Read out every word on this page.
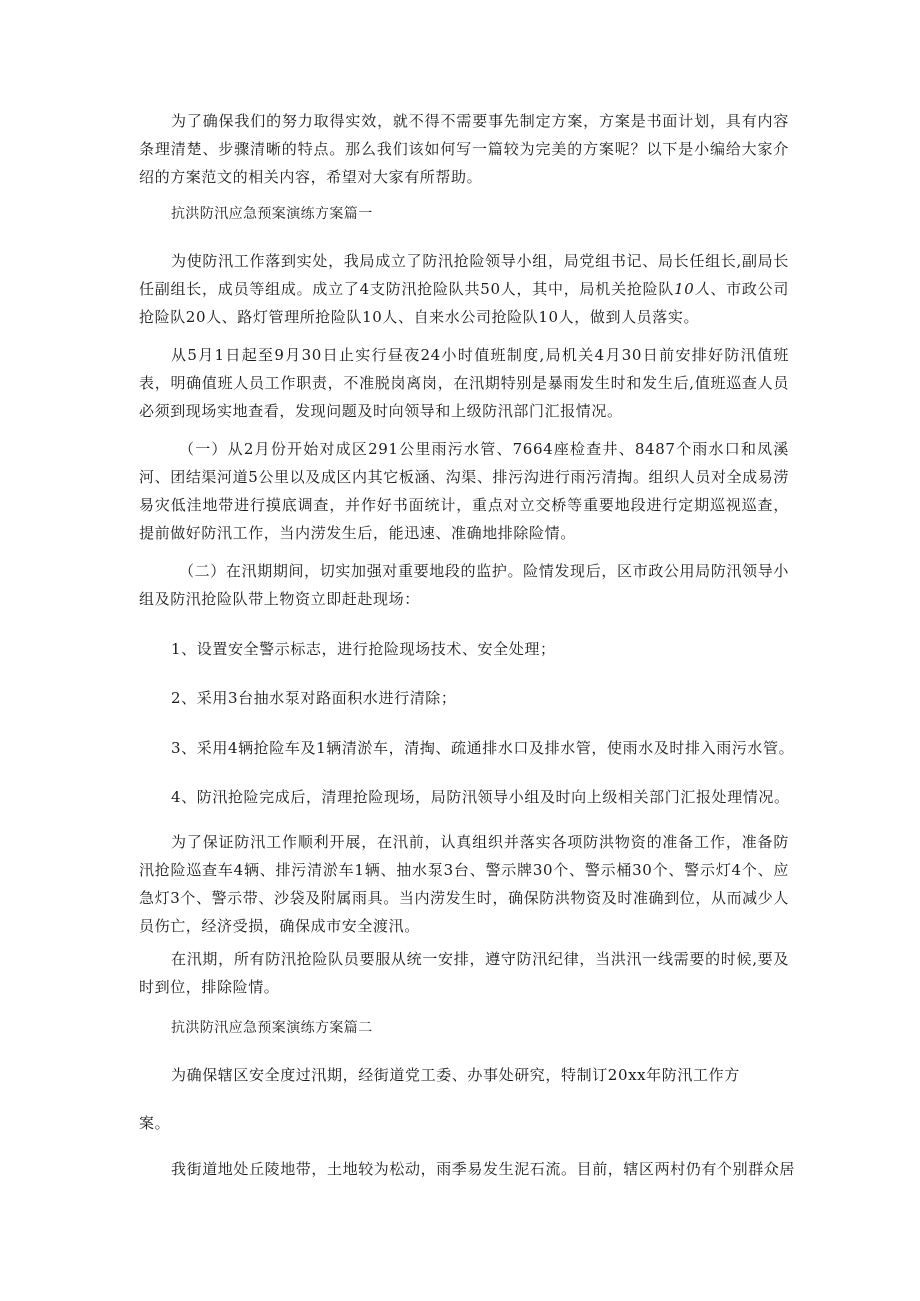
为了确保我们的努力取得实效，就不得不需要事先制定方案，方案是书面计划，具有内容条理清楚、步骤清晰的特点。那么我们该如何写一篇较为完美的方案呢？以下是小编给大家介绍的方案范文的相关内容，希望对大家有所帮助。

抗洪防汛应急预案演练方案篇一

为使防汛工作落到实处，我局成立了防汛抢险领导小组，局党组书记、局长任组长,副局长任副组长，成员等组成。成立了4支防汛抢险队共50人，其中，局机关抢险队10人、市政公司抢险队20人、路灯管理所抢险队10人、自来水公司抢险队10人，做到人员落实。

从5月1日起至9月30日止实行昼夜24小时值班制度,局机关4月30日前安排好防汛值班表，明确值班人员工作职责，不准脱岗离岗，在汛期特别是暴雨发生时和发生后,值班巡查人员必须到现场实地查看，发现问题及时向领导和上级防汛部门汇报情况。

（一）从2月份开始对成区291公里雨污水管、7664座检查井、8487个雨水口和凤溪河、团结渠河道5公里以及成区内其它板涵、沟渠、排污沟进行雨污清掏。组织人员对全成易涝易灾低洼地带进行摸底调查，并作好书面统计，重点对立交桥等重要地段进行定期巡视巡查，提前做好防汛工作，当内涝发生后，能迅速、准确地排除险情。

（二）在汛期期间，切实加强对重要地段的监护。险情发现后，区市政公用局防汛领导小组及防汛抢险队带上物资立即赶赴现场：

1、设置安全警示标志，进行抢险现场技术、安全处理；

2、采用3台抽水泵对路面积水进行清除；

3、采用4辆抢险车及1辆清淤车，清掏、疏通排水口及排水管，使雨水及时排入雨污水管。

4、防汛抢险完成后，清理抢险现场，局防汛领导小组及时向上级相关部门汇报处理情况。

为了保证防汛工作顺利开展，在汛前，认真组织并落实各项防洪物资的准备工作，准备防汛抢险巡查车4辆、排污清淤车1辆、抽水泵3台、警示牌30个、警示桶30个、警示灯4个、应急灯3个、警示带、沙袋及附属雨具。当内涝发生时，确保防洪物资及时准确到位，从而减少人员伤亡，经济受损，确保成市安全渡汛。

在汛期，所有防汛抢险队员要服从统一安排，遵守防汛纪律，当洪汛一线需要的时候,要及时到位，排除险情。

抗洪防汛应急预案演练方案篇二

为确保辖区安全度过汛期，经街道党工委、办事处研究，特制订20xx年防汛工作方

案。

我街道地处丘陵地带，土地较为松动，雨季易发生泥石流。目前，辖区两村仍有个别群众居
